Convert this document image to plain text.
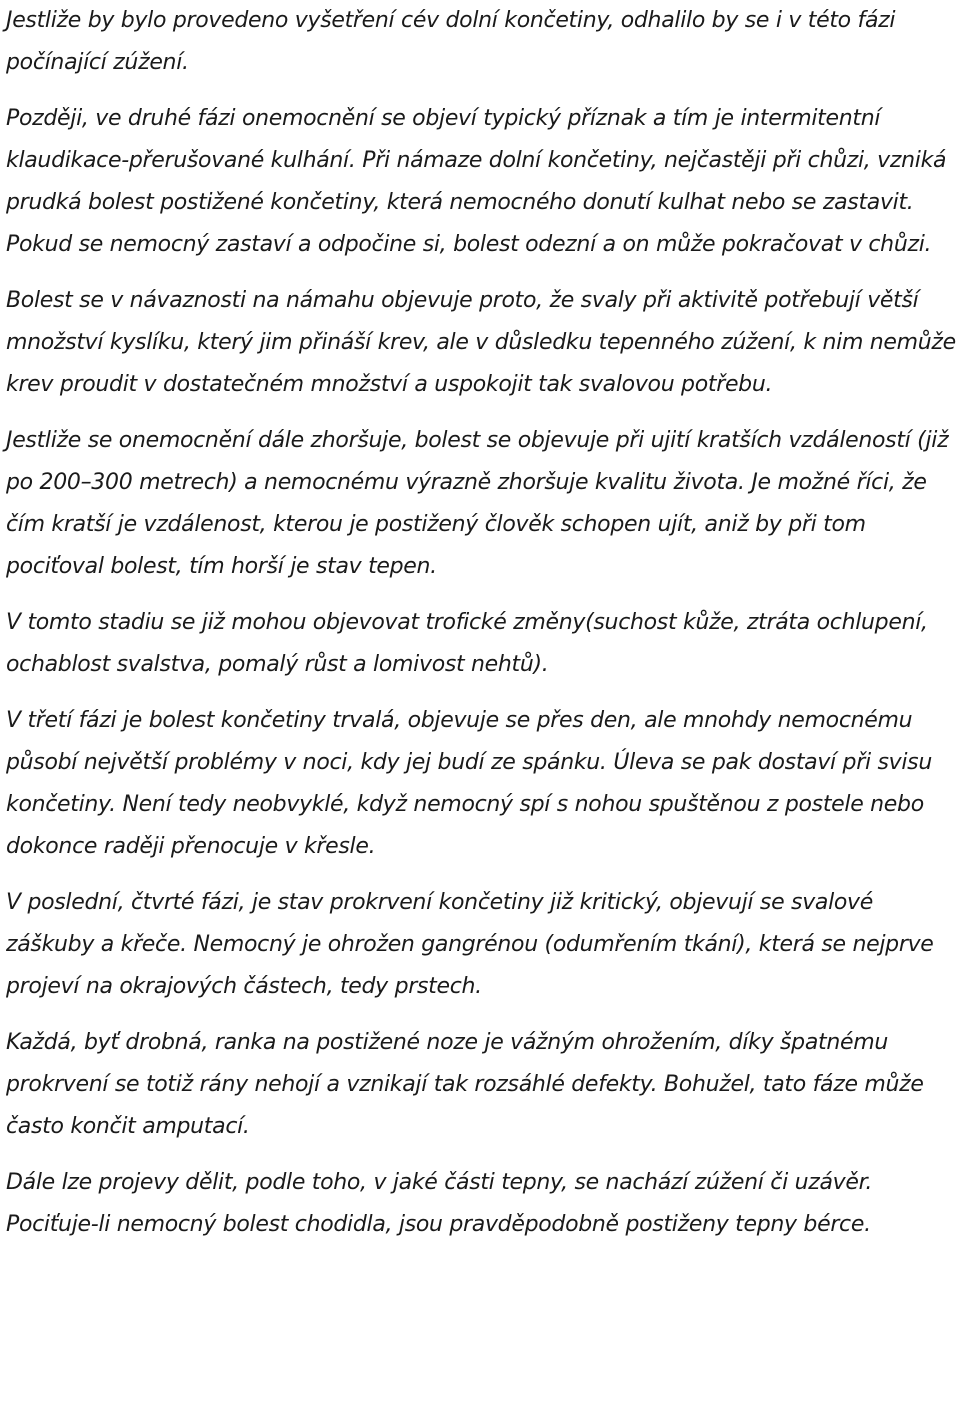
Jestliže by bylo provedeno vyšetření cév dolní končetiny, odhalilo by se i v této fázi počínající zúžení.

Později, ve druhé fázi onemocnění se objeví typický příznak a tím je intermitentní klaudikace-přerušované kulhání. Při námaze dolní končetiny, nejčastěji při chůzi, vzniká prudká bolest postižené končetiny, která nemocného donutí kulhat nebo se zastavit. Pokud se nemocný zastaví a odpočine si, bolest odezní a on může pokračovat v chůzi.

Bolest se v návaznosti na námahu objevuje proto, že svaly při aktivitě potřebují větší množství kyslíku, který jim přináší krev, ale v důsledku tepenného zúžení, k nim nemůže krev proudit v dostatečném množství a uspokojit tak svalovou potřebu.

Jestliže se onemocnění dále zhoršuje, bolest se objevuje při ujití kratších vzdáleností (již po 200–300 metrech) a nemocnému výrazně zhoršuje kvalitu života. Je možné říci, že čím kratší je vzdálenost, kterou je postižený člověk schopen ujít, aniž by při tom pociťoval bolest, tím horší je stav tepen.

V tomto stadiu se již mohou objevovat trofické změny(suchost kůže, ztráta ochlupení, ochablost svalstva, pomalý růst a lomivost nehtů).

V třetí fázi je bolest končetiny trvalá, objevuje se přes den, ale mnohdy nemocnému působí největší problémy v noci, kdy jej budí ze spánku. Úleva se pak dostaví při svisu končetiny. Není tedy neobvyklé, když nemocný spí s nohou spuštěnou z postele nebo dokonce raději přenocuje v křesle.

V poslední, čtvrté fázi, je stav prokrvení končetiny již kritický, objevují se svalové záškuby a křeče. Nemocný je ohrožen gangrénou (odumřením tkání), která se nejprve projeví na okrajových částech, tedy prstech.

Každá, byť drobná, ranka na postižené noze je vážným ohrožením, díky špatnému prokrvení se totiž rány nehojí a vznikají tak rozsáhlé defekty. Bohužel, tato fáze může často končit amputací.

Dále lze projevy dělit, podle toho, v jaké části tepny, se nachází zúžení či uzávěr. Pociťuje-li nemocný bolest chodidla, jsou pravděpodobně postiženy tepny bérce.
